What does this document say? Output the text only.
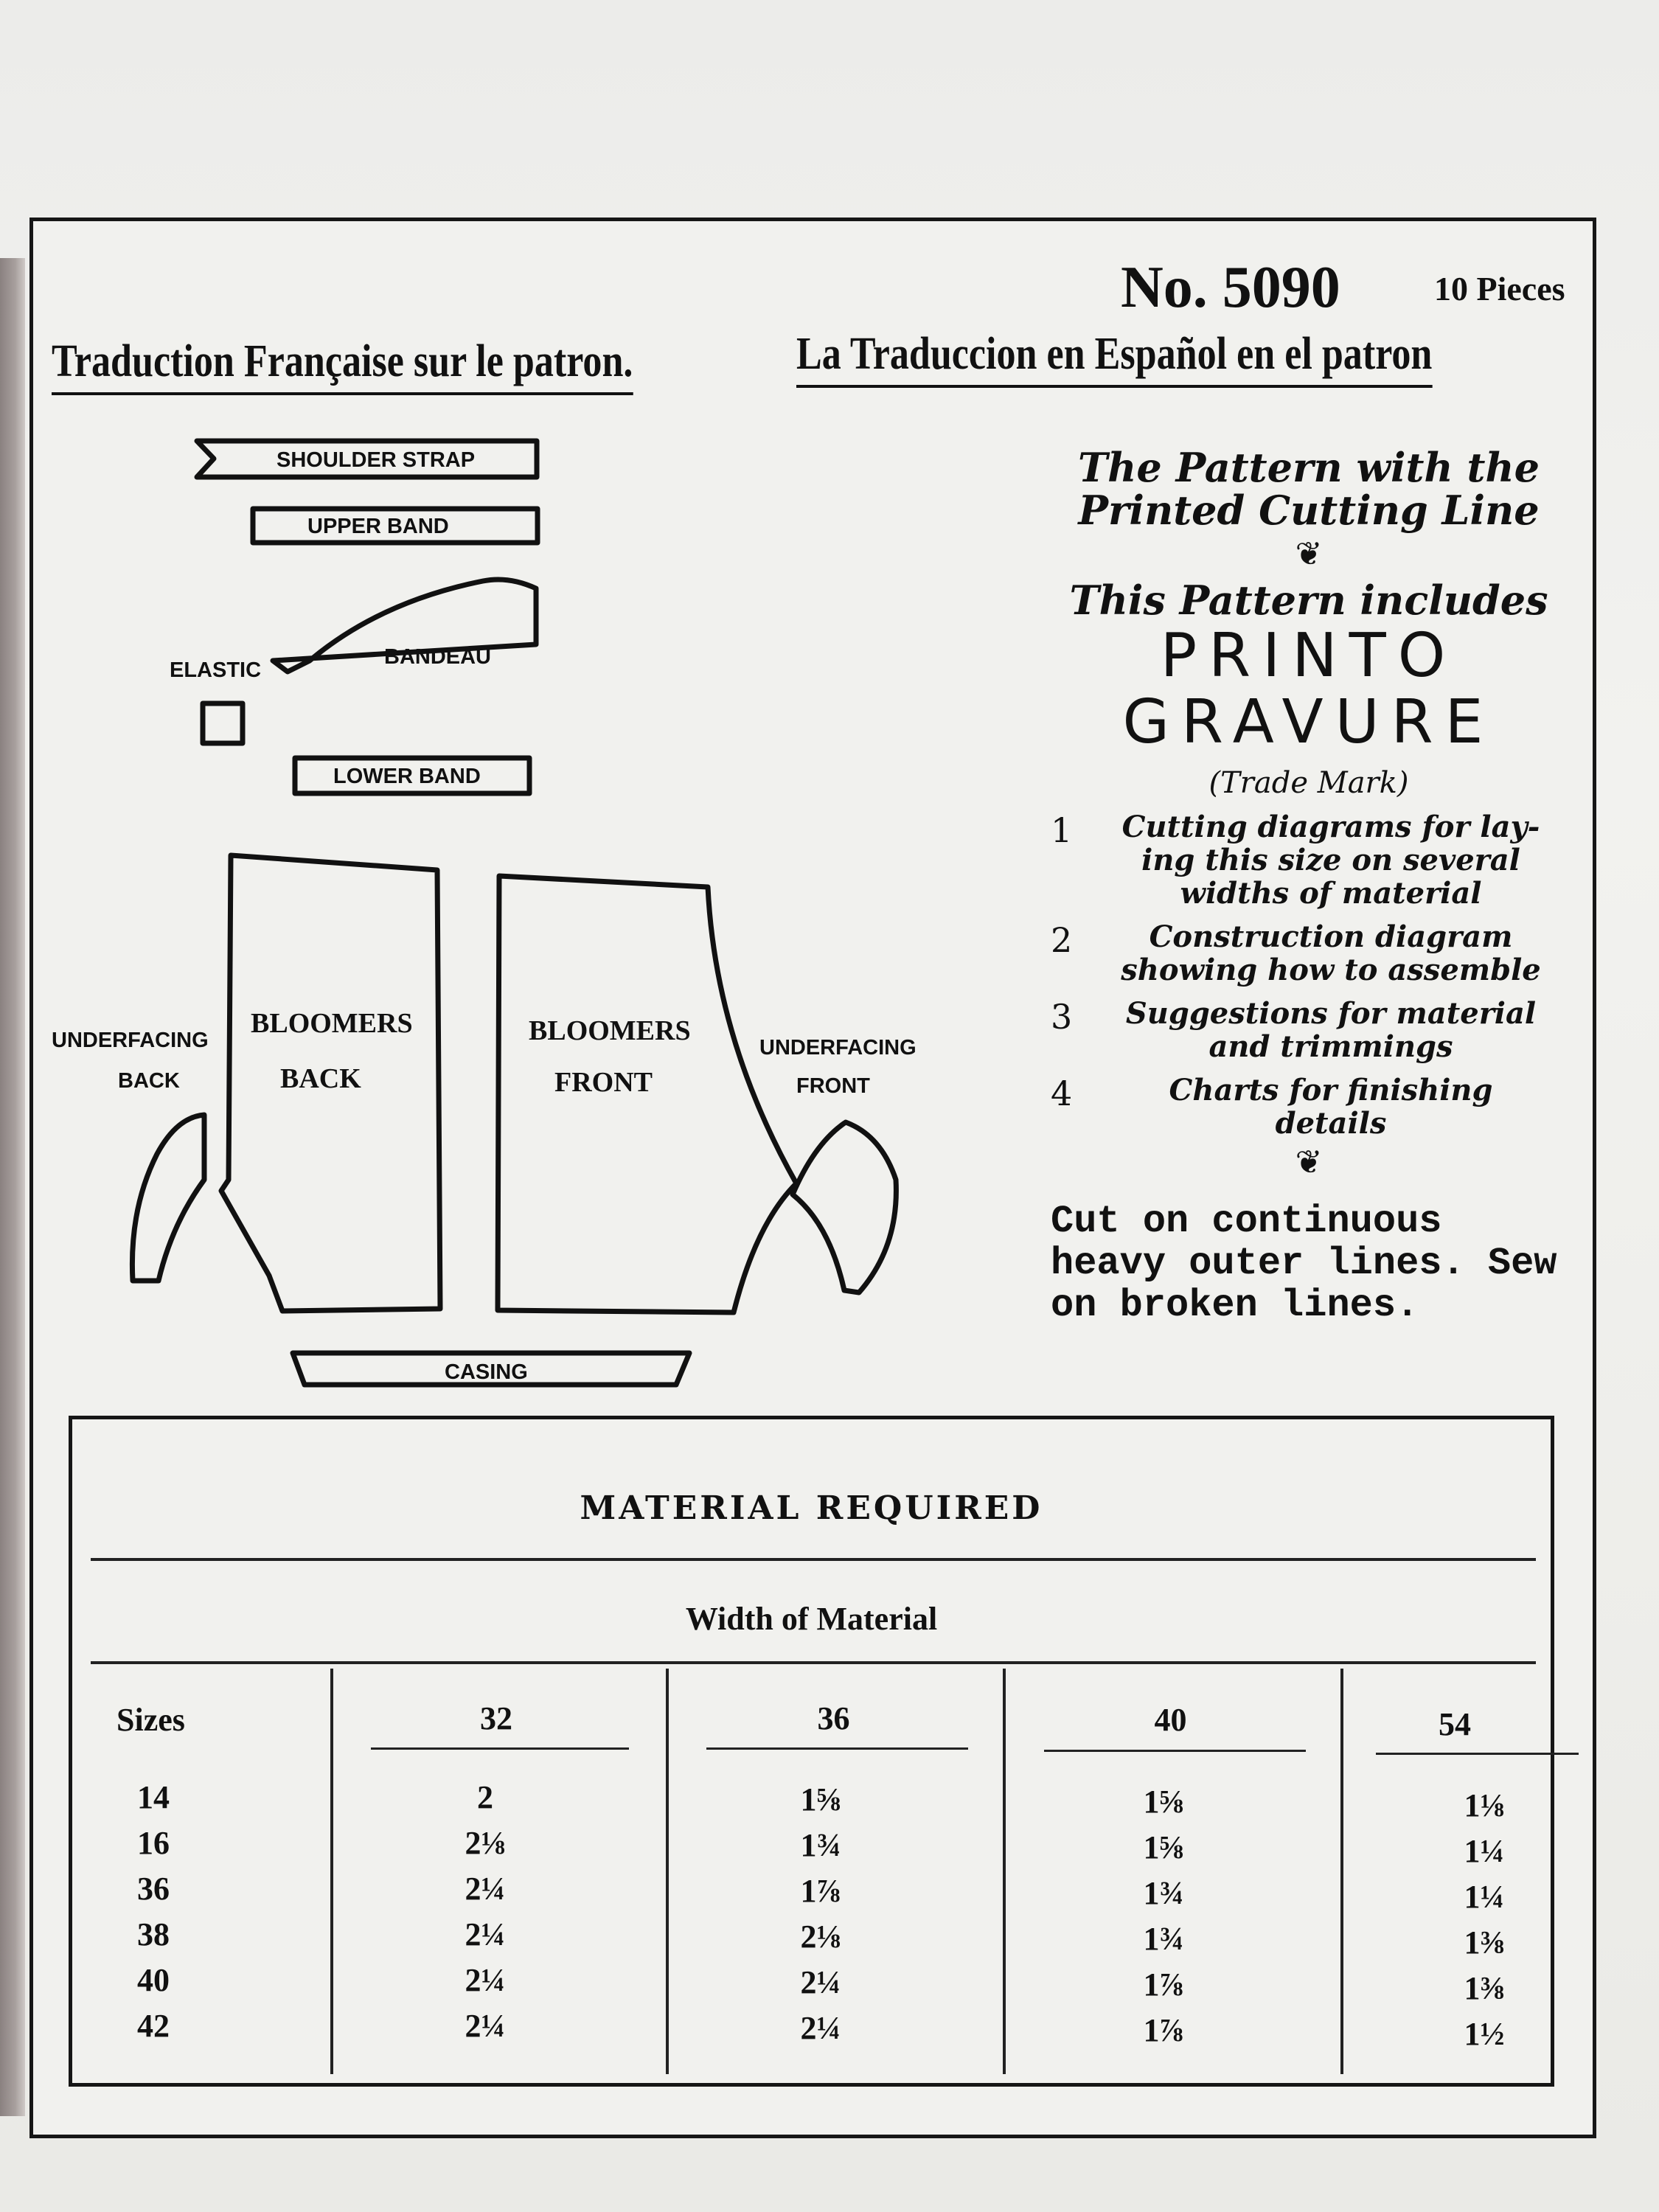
No. 5090	10 Pieces
Traduction Française sur le patron.	La Traduccion en Español en el patron
SHOULDER STRAP
UPPER BAND
ELASTIC
BANDEAU
LOWER BAND
UNDERFACING
BACK
BLOOMERS
BACK
BLOOMERS
FRONT
UNDERFACING
FRONT
CASING
The Pattern with the
Printed Cutting Line
❦
This Pattern includes
PRINTO
GRAVURE
(Trade Mark)
1	Cutting diagrams for lay-
ing this size on several
widths of material
2	Construction diagram
showing how to assemble
3	Suggestions for material
and trimmings
4	Charts for finishing
details
❦
Cut on continuous
heavy outer lines. Sew
on broken lines.
MATERIAL REQUIRED
Width of Material
Sizes	32	36	40	54
14	2	1⅝	1⅝	1⅛
16	2⅛	1¾	1⅝	1¼
36	2¼	1⅞	1¾	1¼
38	2¼	2⅛	1¾	1⅜
40	2¼	2¼	1⅞	1⅜
42	2¼	2¼	1⅞	1½
